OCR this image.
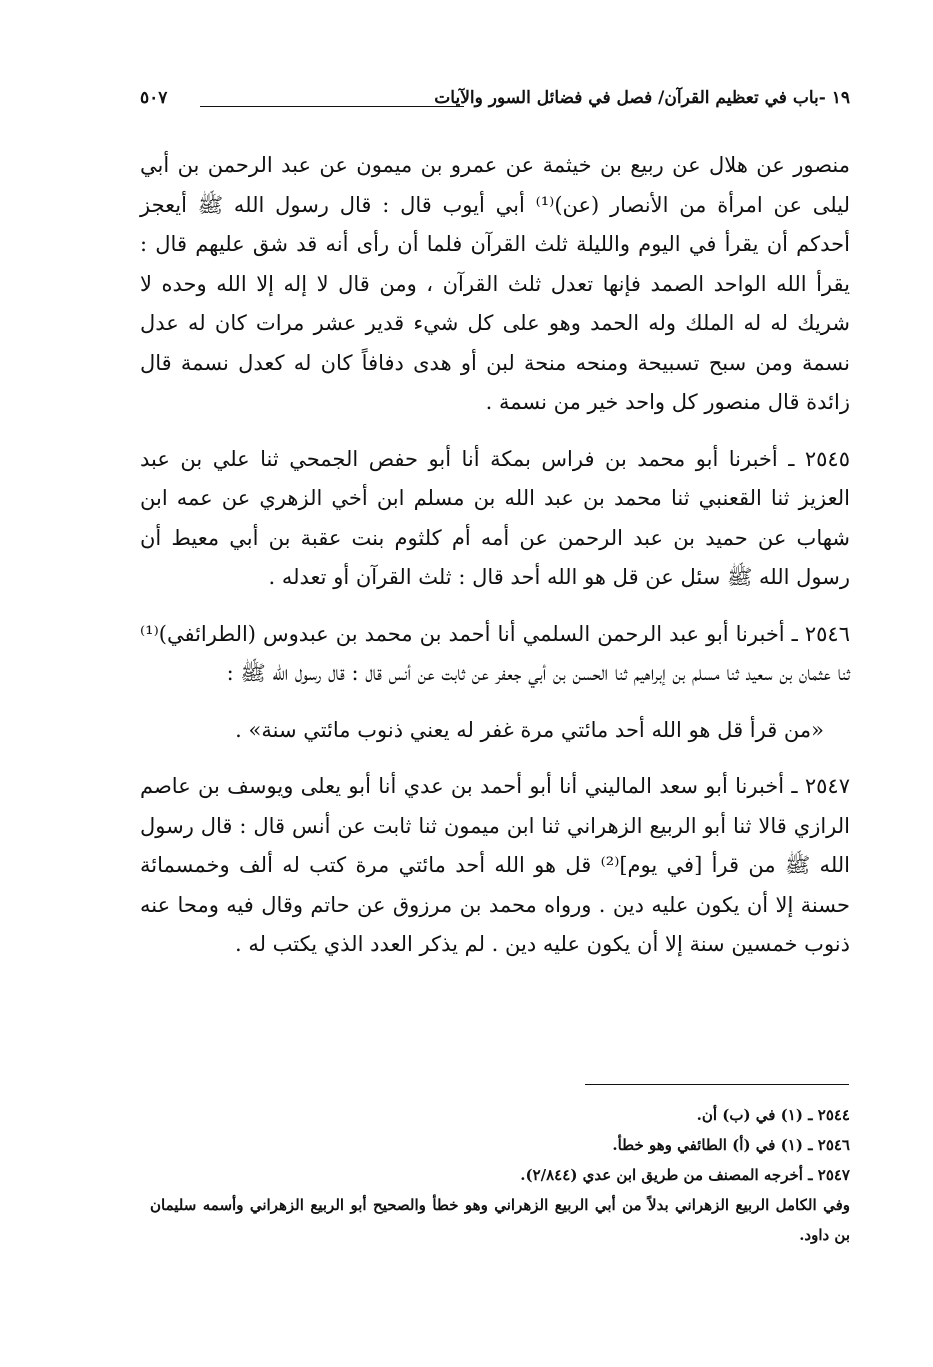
١٩ -باب في تعظيم القرآن/ فصل في فضائل السور والآيات
٥٠٧

منصور عن هلال عن ربيع بن خيثمة عن عمرو بن ميمون عن عبد الرحمن بن أبي ليلى عن امرأة من الأنصار (عن)⁽¹⁾ أبي أيوب قال : قال رسول الله ﷺ أيعجز أحدكم أن يقرأ في اليوم والليلة ثلث القرآن فلما أن رأى أنه قد شق عليهم قال : يقرأ الله الواحد الصمد فإنها تعدل ثلث القرآن ، ومن قال لا إله إلا الله وحده لا شريك له له الملك وله الحمد وهو على كل شيء قدير عشر مرات كان له عدل نسمة ومن سبح تسبيحة ومنحه منحة لبن أو هدى دفافاً كان له كعدل نسمة قال زائدة قال منصور كل واحد خير من نسمة .

٢٥٤٥ ـ أخبرنا أبو محمد بن فراس بمكة أنا أبو حفص الجمحي ثنا علي بن عبد العزيز ثنا القعنبي ثنا محمد بن عبد الله بن مسلم ابن أخي الزهري عن عمه ابن شهاب عن حميد بن عبد الرحمن عن أمه أم كلثوم بنت عقبة بن أبي معيط أن رسول الله ﷺ سئل عن قل هو الله أحد قال : ثلث القرآن أو تعدله .

٢٥٤٦ ـ أخبرنا أبو عبد الرحمن السلمي أنا أحمد بن محمد بن عبدوس (الطرائفي)⁽¹⁾ ثنا عثمان بن سعيد ثنا مسلم بن إبراهيم ثنا الحسن بن أبي جعفر عن ثابت عن أنس قال : قال رسول الله ﷺ :

«من قرأ قل هو الله أحد مائتي مرة غفر له يعني ذنوب مائتي سنة» .

٢٥٤٧ ـ أخبرنا أبو سعد الماليني أنا أبو أحمد بن عدي أنا أبو يعلى ويوسف بن عاصم الرازي قالا ثنا أبو الربيع الزهراني ثنا ابن ميمون ثنا ثابت عن أنس قال : قال رسول الله ﷺ من قرأ [في يوم]⁽²⁾ قل هو الله أحد مائتي مرة كتب له ألف وخمسمائة حسنة إلا أن يكون عليه دين . ورواه محمد بن مرزوق عن حاتم وقال فيه ومحا عنه ذنوب خمسين سنة إلا أن يكون عليه دين . لم يذكر العدد الذي يكتب له .

٢٥٤٤ ـ (١) في (ب) أن.

٢٥٤٦ ـ (١) في (أ) الطائفي وهو خطأ.

٢٥٤٧ ـ أخرجه المصنف من طريق ابن عدي (٢/٨٤٤).

وفي الكامل الربيع الزهراني بدلاً من أبي الربيع الزهراني وهو خطأ والصحيح أبو الربيع الزهراني وأسمه سليمان بن داود.
